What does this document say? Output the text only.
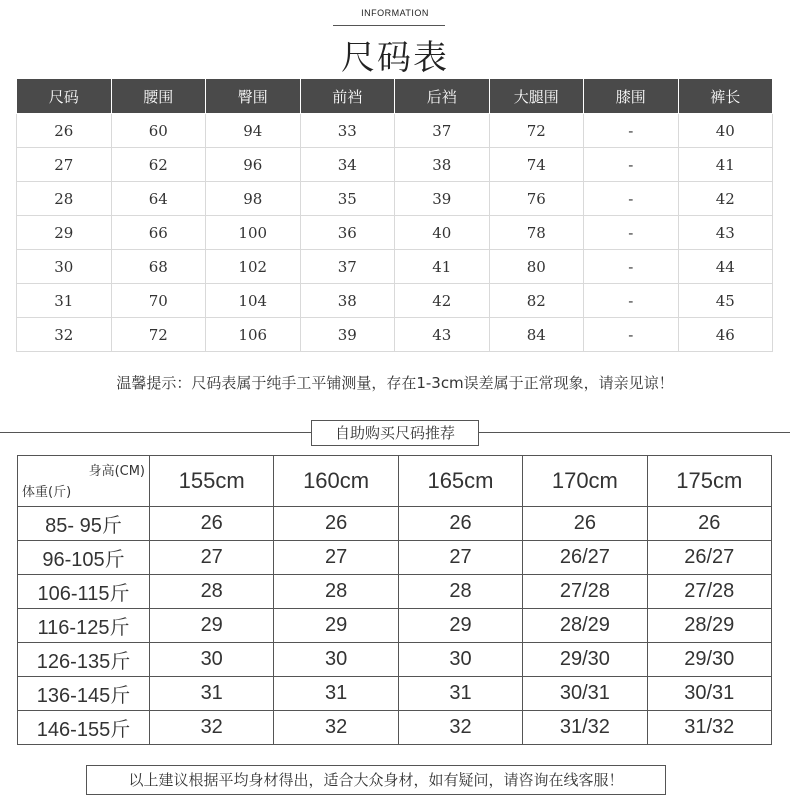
INFORMATION
尺码表
尺码	腰围	臀围	前裆	后裆	大腿围	膝围	裤长
26	60	94	33	37	72	-	40
27	62	96	34	38	74	-	41
28	64	98	35	39	76	-	42
29	66	100	36	40	78	-	43
30	68	102	37	41	80	-	44
31	70	104	38	42	82	-	45
32	72	106	39	43	84	-	46
温馨提示：尺码表属于纯手工平铺测量，存在1-3cm误差属于正常现象，请亲见谅！
自助购买尺码推荐
身高(CM)
体重(斤)	155cm	160cm	165cm	170cm	175cm
85- 95斤	26	26	26	26	26
96-105斤	27	27	27	26/27	26/27
106-115斤	28	28	28	27/28	27/28
116-125斤	29	29	29	28/29	28/29
126-135斤	30	30	30	29/30	29/30
136-145斤	31	31	31	30/31	30/31
146-155斤	32	32	32	31/32	31/32
以上建议根据平均身材得出，适合大众身材，如有疑问，请咨询在线客服！
